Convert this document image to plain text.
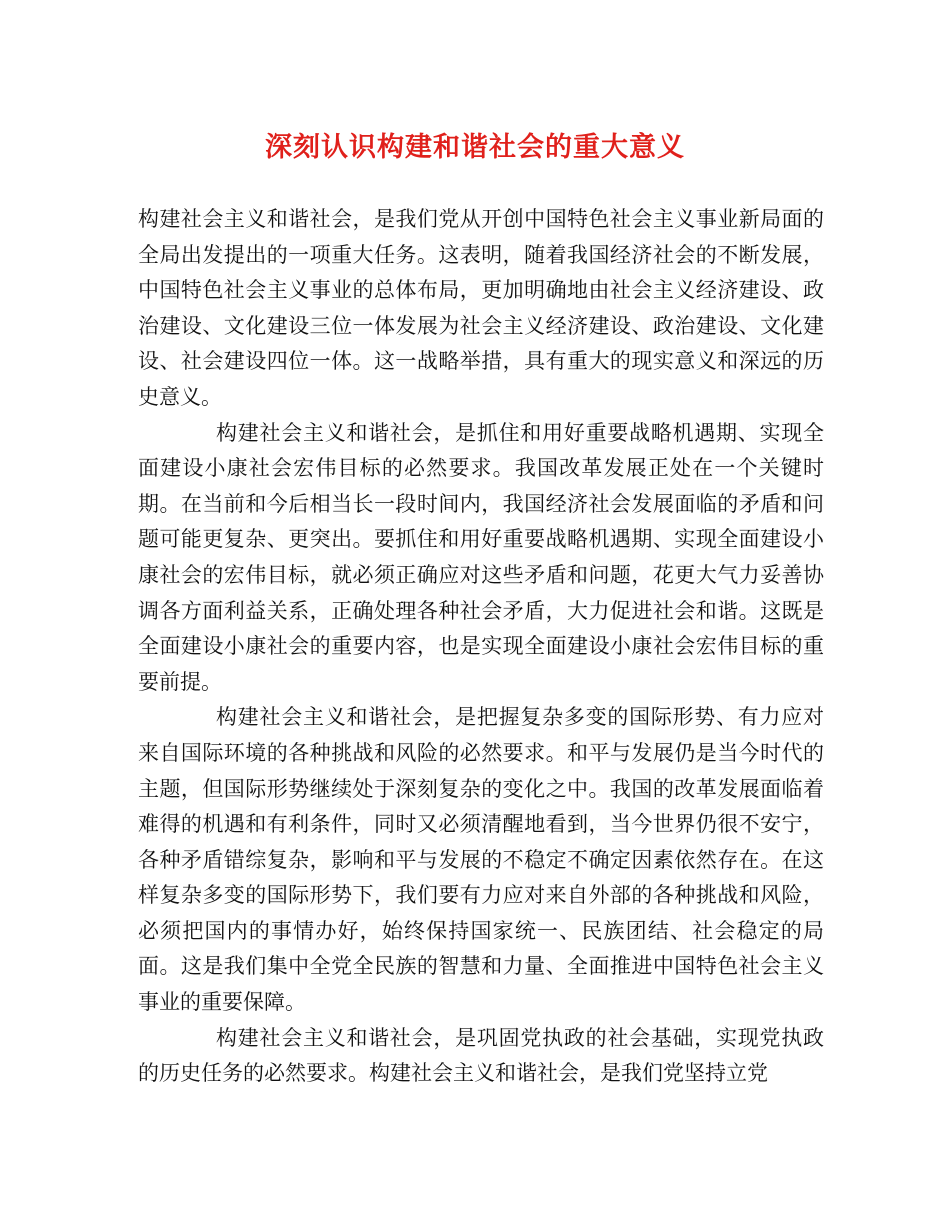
深刻认识构建和谐社会的重大意义

构建社会主义和谐社会，是我们党从开创中国特色社会主义事业新局面的全局出发提出的一项重大任务。这表明，随着我国经济社会的不断发展，中国特色社会主义事业的总体布局，更加明确地由社会主义经济建设、政治建设、文化建设三位一体发展为社会主义经济建设、政治建设、文化建设、社会建设四位一体。这一战略举措，具有重大的现实意义和深远的历史意义。

构建社会主义和谐社会，是抓住和用好重要战略机遇期、实现全面建设小康社会宏伟目标的必然要求。我国改革发展正处在一个关键时期。在当前和今后相当长一段时间内，我国经济社会发展面临的矛盾和问题可能更复杂、更突出。要抓住和用好重要战略机遇期、实现全面建设小康社会的宏伟目标，就必须正确应对这些矛盾和问题，花更大气力妥善协调各方面利益关系，正确处理各种社会矛盾，大力促进社会和谐。这既是全面建设小康社会的重要内容，也是实现全面建设小康社会宏伟目标的重要前提。

构建社会主义和谐社会，是把握复杂多变的国际形势、有力应对来自国际环境的各种挑战和风险的必然要求。和平与发展仍是当今时代的主题，但国际形势继续处于深刻复杂的变化之中。我国的改革发展面临着难得的机遇和有利条件，同时又必须清醒地看到，当今世界仍很不安宁，各种矛盾错综复杂，影响和平与发展的不稳定不确定因素依然存在。在这样复杂多变的国际形势下，我们要有力应对来自外部的各种挑战和风险，必须把国内的事情办好，始终保持国家统一、民族团结、社会稳定的局面。这是我们集中全党全民族的智慧和力量、全面推进中国特色社会主义事业的重要保障。

构建社会主义和谐社会，是巩固党执政的社会基础，实现党执政的历史任务的必然要求。构建社会主义和谐社会，是我们党坚持立党
